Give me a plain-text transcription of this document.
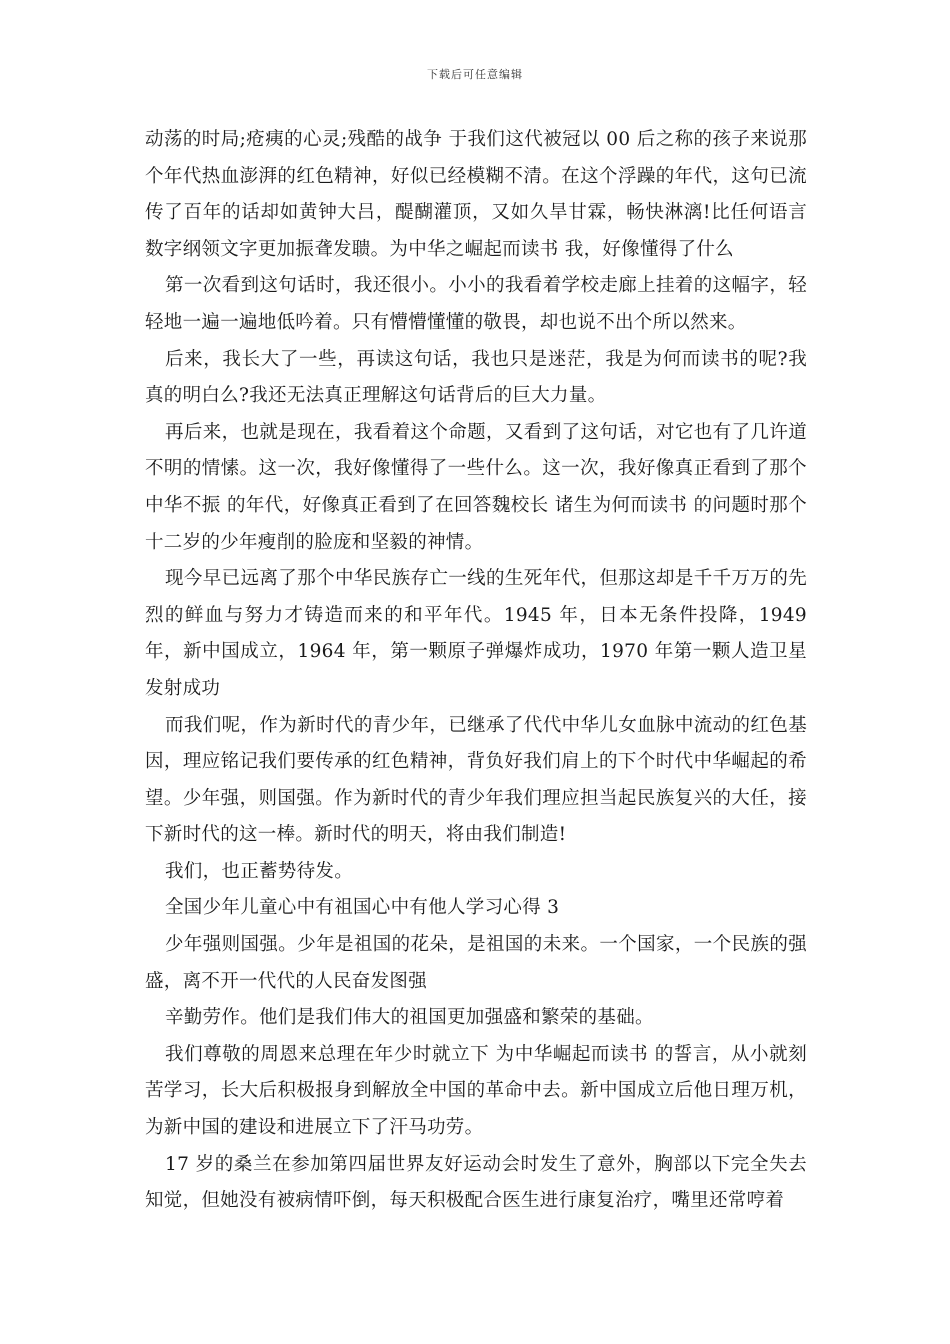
下载后可任意编辑

动荡的时局;疮痍的心灵;残酷的战争 于我们这代被冠以 00 后之称的孩子来说那个年代热血澎湃的红色精神，好似已经模糊不清。在这个浮躁的年代，这句已流传了百年的话却如黄钟大吕，醍醐灌顶，又如久旱甘霖，畅快淋漓!比任何语言数字纲领文字更加振聋发聩。为中华之崛起而读书 我，好像懂得了什么

第一次看到这句话时，我还很小。小小的我看着学校走廊上挂着的这幅字，轻轻地一遍一遍地低吟着。只有懵懵懂懂的敬畏，却也说不出个所以然来。

后来，我长大了一些，再读这句话，我也只是迷茫，我是为何而读书的呢?我真的明白么?我还无法真正理解这句话背后的巨大力量。

再后来，也就是现在，我看着这个命题，又看到了这句话，对它也有了几许道不明的情愫。这一次，我好像懂得了一些什么。这一次，我好像真正看到了那个 中华不振 的年代，好像真正看到了在回答魏校长 诸生为何而读书 的问题时那个十二岁的少年瘦削的脸庞和坚毅的神情。

现今早已远离了那个中华民族存亡一线的生死年代，但那这却是千千万万的先烈的鲜血与努力才铸造而来的和平年代。1945 年，日本无条件投降，1949 年，新中国成立，1964 年，第一颗原子弹爆炸成功，1970 年第一颗人造卫星发射成功

而我们呢，作为新时代的青少年，已继承了代代中华儿女血脉中流动的红色基因，理应铭记我们要传承的红色精神，背负好我们肩上的下个时代中华崛起的希望。少年强，则国强。作为新时代的青少年我们理应担当起民族复兴的大任，接下新时代的这一棒。新时代的明天，将由我们制造!

我们，也正蓄势待发。

全国少年儿童心中有祖国心中有他人学习心得 3

少年强则国强。少年是祖国的花朵，是祖国的未来。一个国家，一个民族的强盛，离不开一代代的人民奋发图强

辛勤劳作。他们是我们伟大的祖国更加强盛和繁荣的基础。

我们尊敬的周恩来总理在年少时就立下 为中华崛起而读书 的誓言，从小就刻苦学习，长大后积极报身到解放全中国的革命中去。新中国成立后他日理万机，为新中国的建设和进展立下了汗马功劳。

17 岁的桑兰在参加第四届世界友好运动会时发生了意外，胸部以下完全失去知觉，但她没有被病情吓倒，每天积极配合医生进行康复治疗，嘴里还常哼着
